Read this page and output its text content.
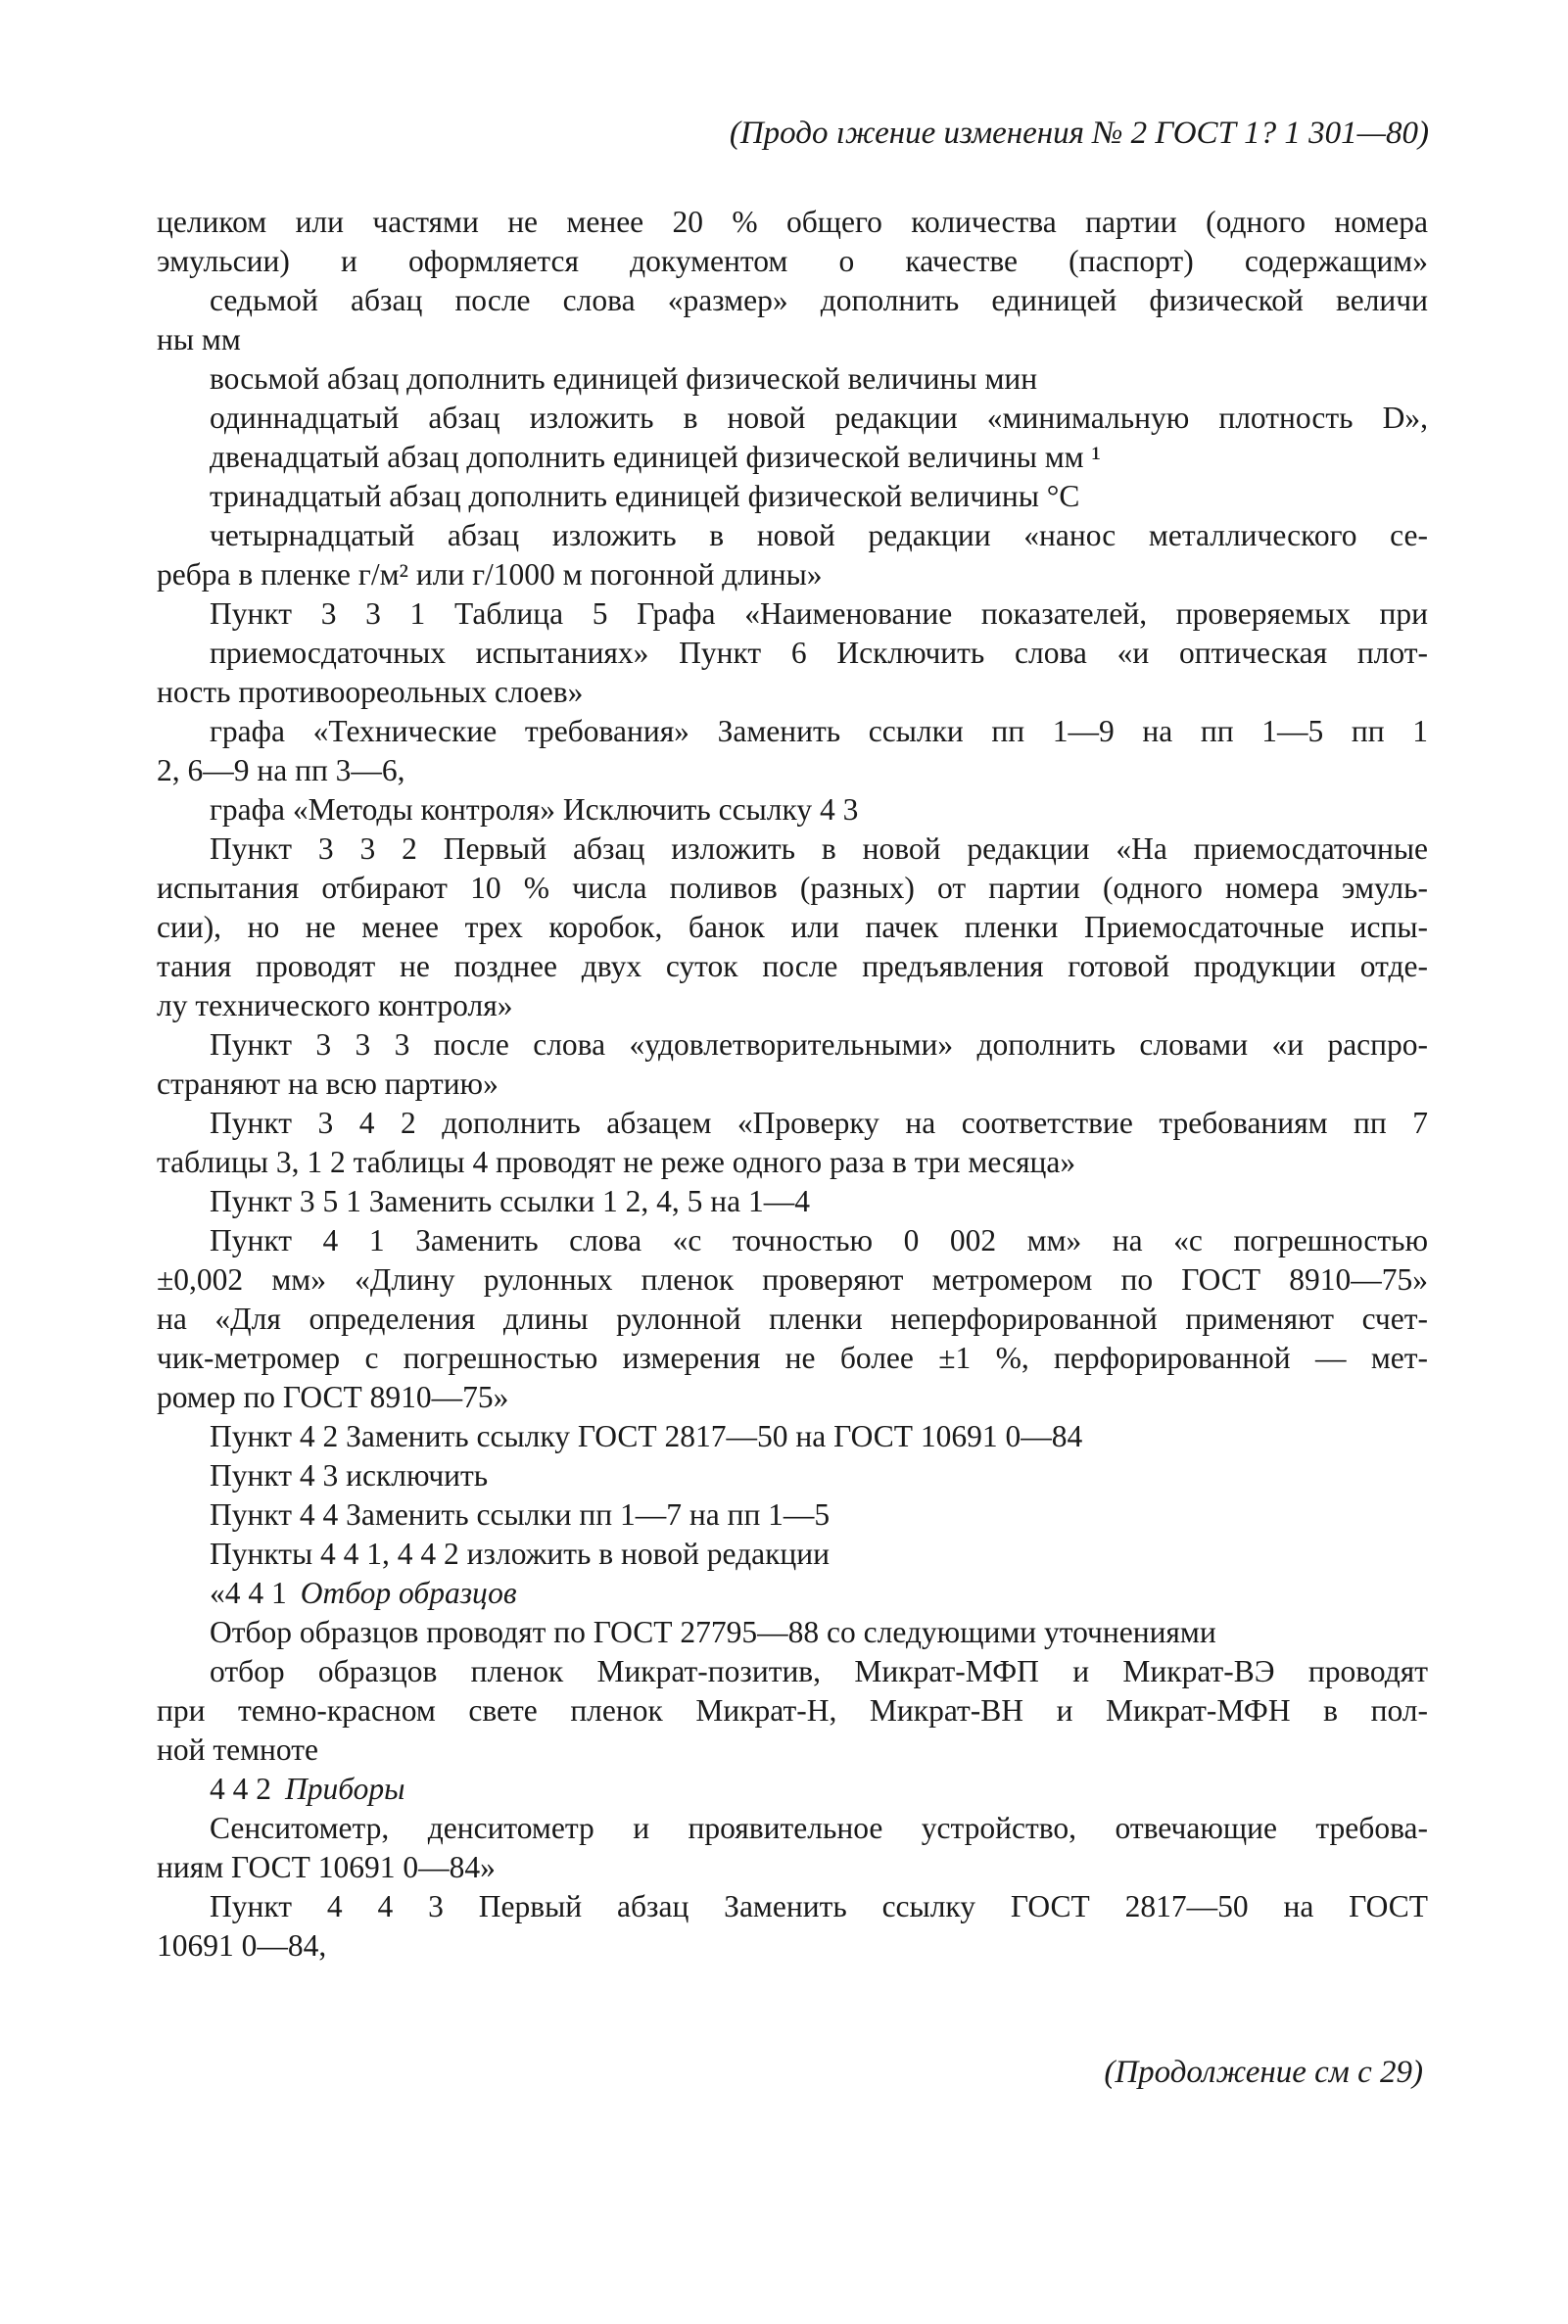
(Продо ıжение изменения № 2 ГОСТ 1? 1 301—80)
целиком или частями не менее 20 % общего количества партии (одного номера
эмульсии) и оформляется документом о качестве (паспорт) содержащим»
седьмой абзац после слова «размер» дополнить единицей физической величи
ны мм
восьмой абзац дополнить единицей физической величины мин
одиннадцатый абзац изложить в новой редакции «минимальную плотность D»,
двенадцатый абзац дополнить единицей физической величины мм ¹
тринадцатый абзац дополнить единицей физической величины °С
четырнадцатый абзац изложить в новой редакции «нанос металлического се-
ребра в пленке г/м² или г/1000 м погонной длины»
Пункт 3 3 1 Таблица 5 Графа «Наименование показателей, проверяемых при
приемосдаточных испытаниях» Пункт 6 Исключить слова «и оптическая плот-
ность противоореольных слоев»
графа «Технические требования» Заменить ссылки пп 1—9 на пп 1—5 пп 1
2, 6—9 на пп 3—6,
графа «Методы контроля» Исключить ссылку 4 3
Пункт 3 3 2 Первый абзац изложить в новой редакции «На приемосдаточные
испытания отбирают 10 % числа поливов (разных) от партии (одного номера эмуль-
сии), но не менее трех коробок, банок или пачек пленки Приемосдаточные испы-
тания проводят не позднее двух суток после предъявления готовой продукции отде-
лу технического контроля»
Пункт 3 3 3 после слова «удовлетворительными» дополнить словами «и распро-
страняют на всю партию»
Пункт 3 4 2 дополнить абзацем «Проверку на соответствие требованиям пп 7
таблицы 3, 1 2 таблицы 4 проводят не реже одного раза в три месяца»
Пункт 3 5 1 Заменить ссылки 1 2, 4, 5 на 1—4
Пункт 4 1 Заменить слова «с точностью 0 002 мм» на «с погрешностью
±0,002 мм» «Длину рулонных пленок проверяют метромером по ГОСТ 8910—75»
на «Для определения длины рулонной пленки неперфорированной применяют счет-
чик-метромер с погрешностью измерения не более ±1 %, перфорированной — мет-
ромер по ГОСТ 8910—75»
Пункт 4 2 Заменить ссылку ГОСТ 2817—50 на ГОСТ 10691 0—84
Пункт 4 3 исключить
Пункт 4 4 Заменить ссылки пп 1—7 на пп 1—5
Пункты 4 4 1, 4 4 2 изложить в новой редакции
«4 4 1 Отбор образцов
Отбор образцов проводят по ГОСТ 27795—88 со следующими уточнениями
отбор образцов пленок Микрат-позитив, Микрат-МФП и Микрат-ВЭ проводят
при темно-красном свете пленок Микрат-Н, Микрат-ВН и Микрат-МФН в пол-
ной темноте
4 4 2 Приборы
Сенситометр, денситометр и проявительное устройство, отвечающие требова-
ниям ГОСТ 10691 0—84»
Пункт 4 4 3 Первый абзац Заменить ссылку ГОСТ 2817—50 на ГОСТ
10691 0—84,
(Продолжение см с 29)
